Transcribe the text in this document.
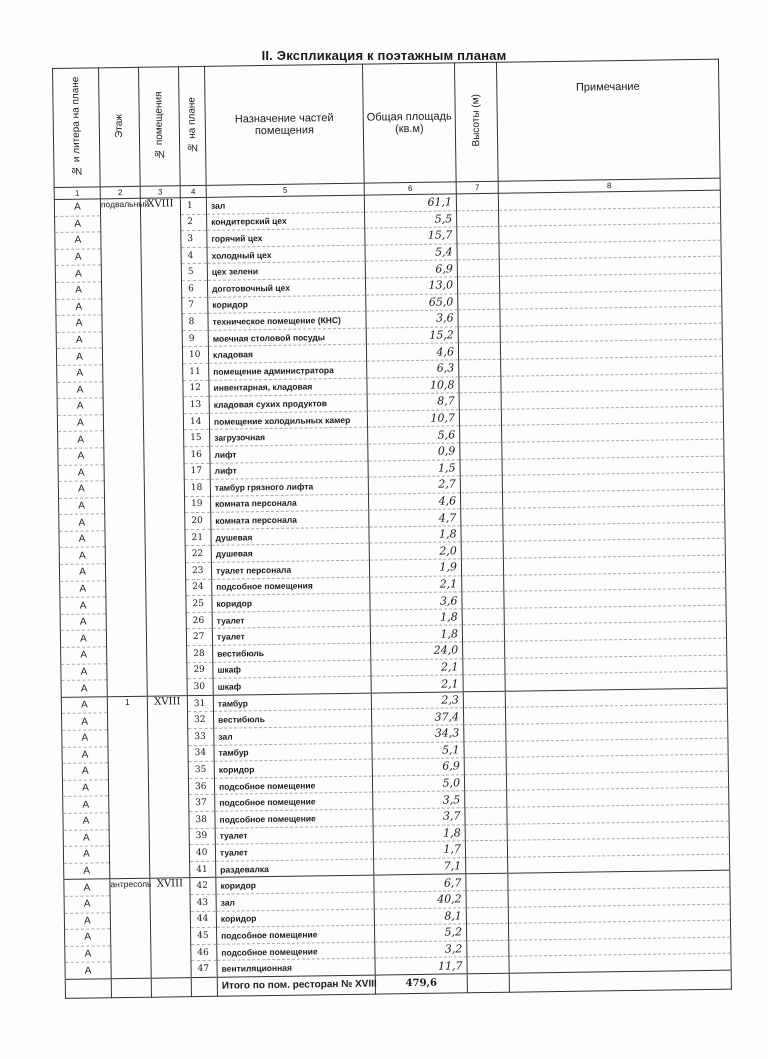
II. Экспликация к поэтажным планам
№ и литера на плане	Этаж	№ помещения	№ на плане	Назначение частей помещения	Общая площадь (кв.м)	Высоты (м)	Примечание
1	2	3	4	5	6	7	8
А	подвальный	XVIII	1	зал	61,1		
А			2	кондитерский цех	5,5		
А			3	горячий цех	15,7		
А			4	холодный цех	5,4		
А			5	цех зелени	6,9		
А			6	доготовочный цех	13,0		
А			7	коридор	65,0		
А			8	техническое помещение (КНС)	3,6		
А			9	моечная столовой посуды	15,2		
А			10	кладовая	4,6		
А			11	помещение администратора	6,3		
А			12	инвентарная, кладовая	10,8		
А			13	кладовая сухих продуктов	8,7		
А			14	помещение холодильных камер	10,7		
А			15	загрузочная	5,6		
А			16	лифт	0,9		
А			17	лифт	1,5		
А			18	тамбур грязного лифта	2,7		
А			19	комната персонала	4,6		
А			20	комната персонала	4,7		
А			21	душевая	1,8		
А			22	душевая	2,0		
А			23	туалет персонала	1,9		
А			24	подсобное помещения	2,1		
А			25	коридор	3,6		
А			26	туалет	1,8		
А			27	туалет	1,8		
А			28	вестибюль	24,0		
А			29	шкаф	2,1		
А			30	шкаф	2,1		
А	1	XVIII	31	тамбур	2,3		
А			32	вестибюль	37,4		
А			33	зал	34,3		
А			34	тамбур	5,1		
А			35	коридор	6,9		
А			36	подсобное помещение	5,0		
А			37	подсобное помещение	3,5		
А			38	подсобное помещение	3,7		
А			39	туалет	1,8		
А			40	туалет	1,7		
А			41	раздевалка	7,1		
А	антресоль	XVIII	42	коридор	6,7		
А			43	зал	40,2		
А			44	коридор	8,1		
А			45	подсобное помещение	5,2		
А			46	подсобное помещение	3,2		
А			47	вентиляционная	11,7		
				Итого по пом. ресторан № XVIII	479,6		
